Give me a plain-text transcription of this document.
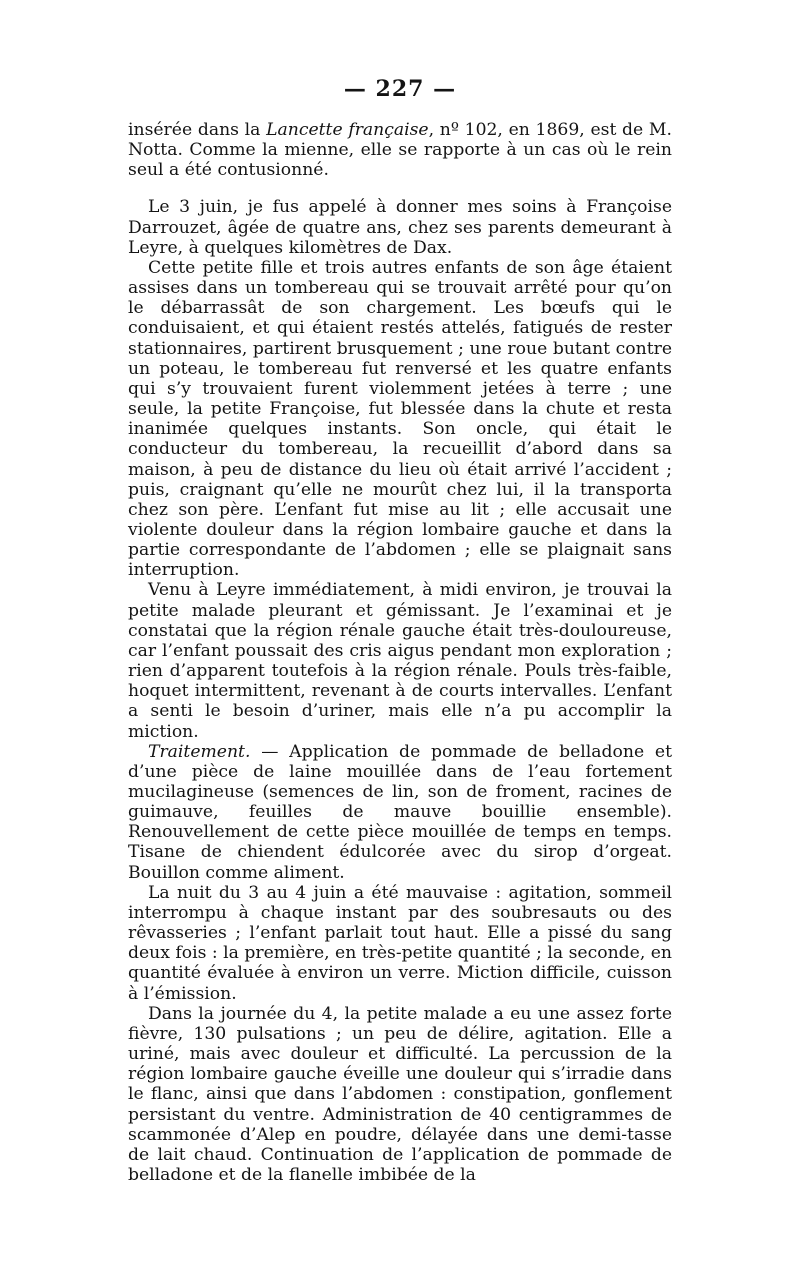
— 227 —

insérée dans la Lancette française, nº 102, en 1869, est de M. Notta. Comme la mienne, elle se rapporte à un cas où le rein seul a été contusionné.

Le 3 juin, je fus appelé à donner mes soins à Françoise Darrouzet, âgée de quatre ans, chez ses parents demeurant à Leyre, à quelques kilomètres de Dax.

Cette petite fille et trois autres enfants de son âge étaient assises dans un tombereau qui se trouvait arrêté pour qu’on le débarrassât de son chargement. Les bœufs qui le conduisaient, et qui étaient restés attelés, fatigués de rester stationnaires, partirent brusquement ; une roue butant contre un poteau, le tombereau fut renversé et les quatre enfants qui s’y trouvaient furent violemment jetées à terre ; une seule, la petite Françoise, fut blessée dans la chute et resta inanimée quelques instants. Son oncle, qui était le conducteur du tombereau, la recueillit d’abord dans sa maison, à peu de distance du lieu où était arrivé l’accident ; puis, craignant qu’elle ne mourût chez lui, il la transporta chez son père. L’enfant fut mise au lit ; elle accusait une violente douleur dans la région lombaire gauche et dans la partie correspondante de l’abdomen ; elle se plaignait sans interruption.

Venu à Leyre immédiatement, à midi environ, je trouvai la petite malade pleurant et gémissant. Je l’examinai et je constatai que la région rénale gauche était très-douloureuse, car l’enfant poussait des cris aigus pendant mon exploration ; rien d’apparent toutefois à la région rénale. Pouls très-faible, hoquet intermittent, revenant à de courts intervalles. L’enfant a senti le besoin d’uriner, mais elle n’a pu accomplir la miction.

Traitement. — Application de pommade de belladone et d’une pièce de laine mouillée dans de l’eau fortement mucilagineuse (semences de lin, son de froment, racines de guimauve, feuilles de mauve bouillie ensemble). Renouvellement de cette pièce mouillée de temps en temps. Tisane de chiendent édulcorée avec du sirop d’orgeat. Bouillon comme aliment.

La nuit du 3 au 4 juin a été mauvaise : agitation, sommeil interrompu à chaque instant par des soubresauts ou des rêvasseries ; l’enfant parlait tout haut. Elle a pissé du sang deux fois : la première, en très-petite quantité ; la seconde, en quantité évaluée à environ un verre. Miction difficile, cuisson à l’émission.

Dans la journée du 4, la petite malade a eu une assez forte fièvre, 130 pulsations ; un peu de délire, agitation. Elle a uriné, mais avec douleur et difficulté. La percussion de la région lombaire gauche éveille une douleur qui s’irradie dans le flanc, ainsi que dans l’abdomen : constipation, gonflement persistant du ventre. Administration de 40 centigrammes de scammonée d’Alep en poudre, délayée dans une demi-tasse de lait chaud. Continuation de l’application de pommade de belladone et de la flanelle imbibée de la
